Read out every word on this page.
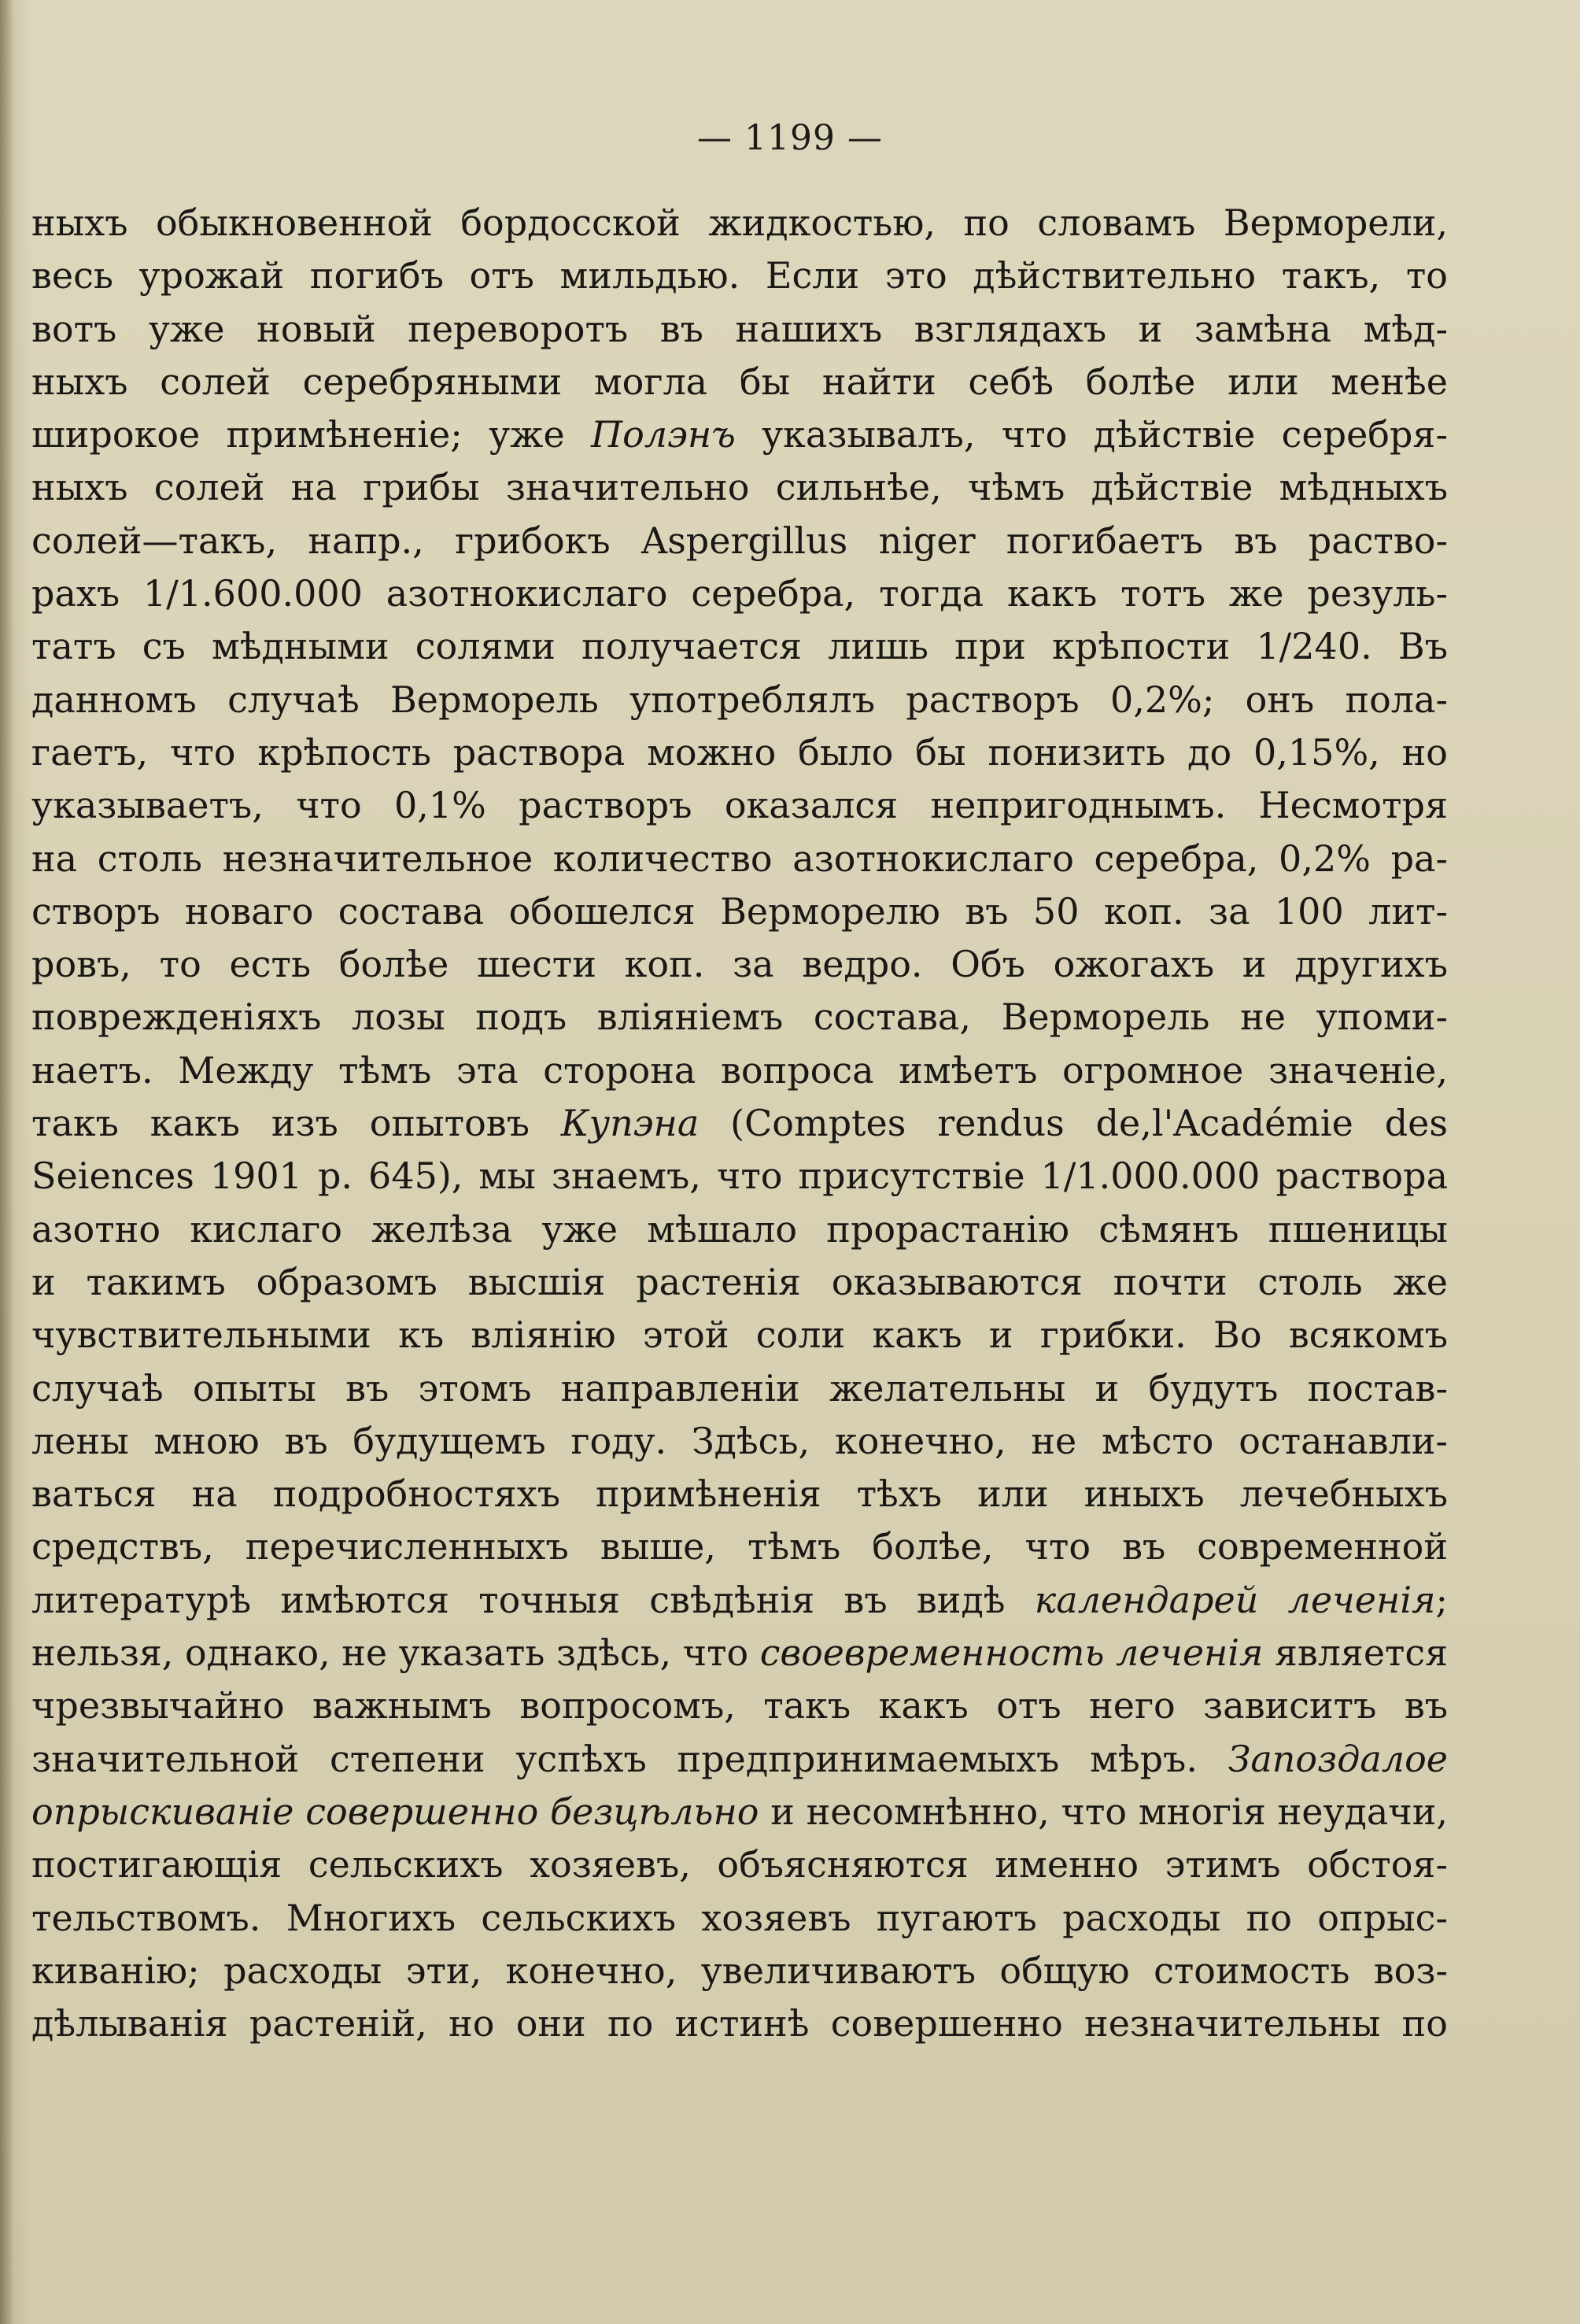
— 1199 —
ныхъ обыкновенной бордосской жидкостью, по словамъ Верморели,
весь урожай погибъ отъ мильдью. Если это дѣйствительно такъ, то
вотъ уже новый переворотъ въ нашихъ взглядахъ и замѣна мѣд-
ныхъ солей серебряными могла бы найти себѣ болѣе или менѣе
широкое примѣненіе; уже Полэнъ указывалъ, что дѣйствіе серебря-
ныхъ солей на грибы значительно сильнѣе, чѣмъ дѣйствіе мѣдныхъ
солей—такъ, напр., грибокъ Aspergillus niger погибаетъ въ раство-
рахъ 1/1.600.000 азотнокислаго серебра, тогда какъ тотъ же резуль-
татъ съ мѣдными солями получается лишь при крѣпости 1/240. Въ
данномъ случаѣ Верморель употреблялъ растворъ 0,2%; онъ пола-
гаетъ, что крѣпость раствора можно было бы понизить до 0,15%, но
указываетъ, что 0,1% растворъ оказался непригоднымъ. Несмотря
на столь незначительное количество азотнокислаго серебра, 0,2% ра-
створъ новаго состава обошелся Верморелю въ 50 коп. за 100 лит-
ровъ, то есть болѣе шести коп. за ведро. Объ ожогахъ и другихъ
поврежденіяхъ лозы подъ вліяніемъ состава, Верморель не упоми-
наетъ. Между тѣмъ эта сторона вопроса имѣетъ огромное значеніе,
такъ какъ изъ опытовъ Купэна (Comptes rendus de,l'Académie des
Seiences 1901 р. 645), мы знаемъ, что присутствіе 1/1.000.000 раствора
азотно кислаго желѣза уже мѣшало прорастанію сѣмянъ пшеницы
и такимъ образомъ высшія растенія оказываются почти столь же
чувствительными къ вліянію этой соли какъ и грибки. Во всякомъ
случаѣ опыты въ этомъ направленіи желательны и будутъ постав-
лены мною въ будущемъ году. Здѣсь, конечно, не мѣсто останавли-
ваться на подробностяхъ примѣненія тѣхъ или иныхъ лечебныхъ
средствъ, перечисленныхъ выше, тѣмъ болѣе, что въ современной
литературѣ имѣются точныя свѣдѣнія въ видѣ календарей леченія;
нельзя, однако, не указать здѣсь, что своевременность леченія является
чрезвычайно важнымъ вопросомъ, такъ какъ отъ него зависитъ въ
значительной степени успѣхъ предпринимаемыхъ мѣръ. Запоздалое
опрыскиваніе совершенно безцѣльно и несомнѣнно, что многія неудачи,
постигающія сельскихъ хозяевъ, объясняются именно этимъ обстоя-
тельствомъ. Многихъ сельскихъ хозяевъ пугаютъ расходы по опрыс-
киванію; расходы эти, конечно, увеличиваютъ общую стоимость воз-
дѣлыванія растеній, но они по истинѣ совершенно незначительны по
